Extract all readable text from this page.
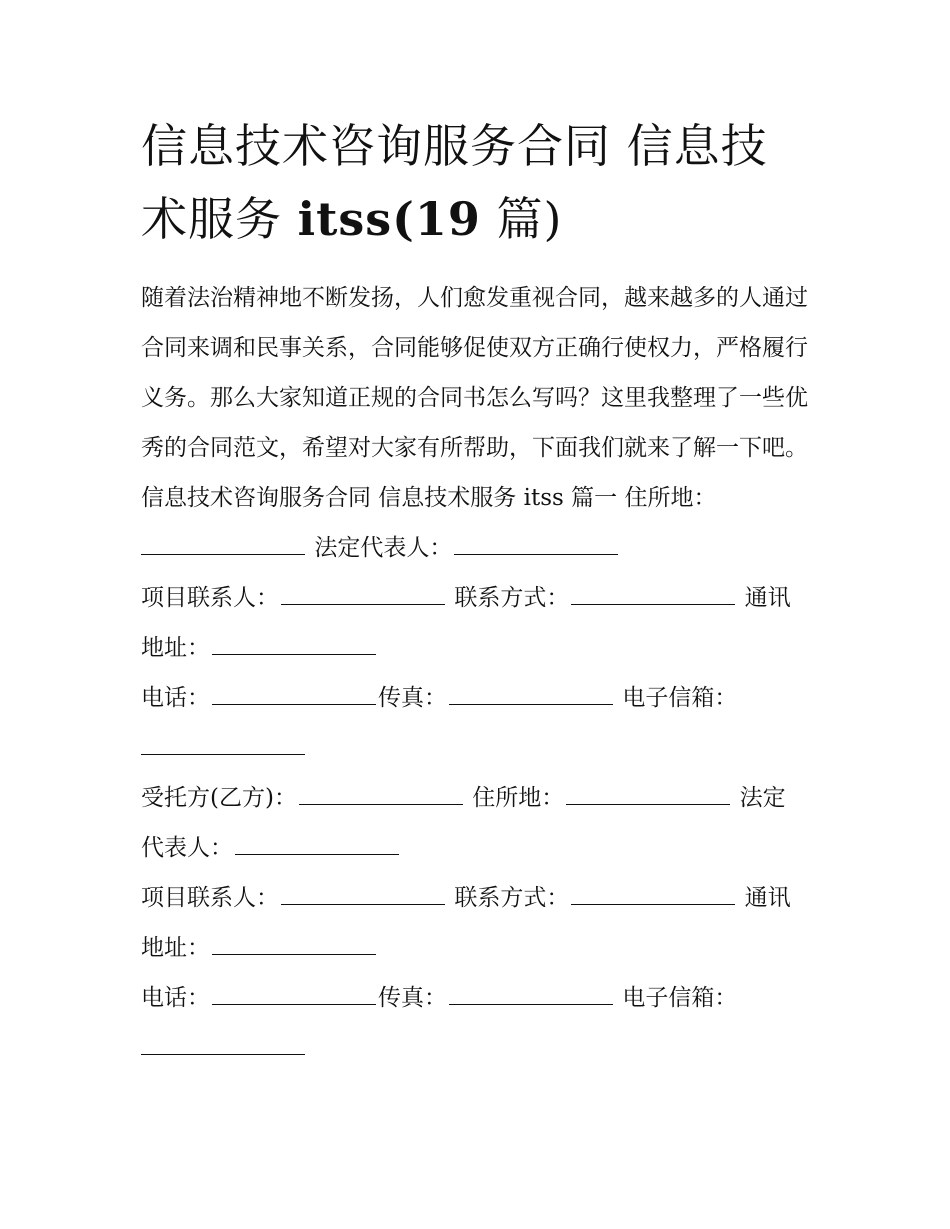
信息技术咨询服务合同 信息技
术服务 itss(19 篇)
随着法治精神地不断发扬，人们愈发重视合同，越来越多的人通过合同来调和民事关系，合同能够促使双方正确行使权力，严格履行义务。那么大家知道正规的合同书怎么写吗？这里我整理了一些优秀的合同范文，希望对大家有所帮助，下面我们就来了解一下吧。
信息技术咨询服务合同 信息技术服务 itss 篇一 住所地：
法定代表人：
项目联系人：	联系方式：	通讯
地址：
电话：	传真：	电子信箱：
受托方(乙方)：	住所地：	法定
代表人：
项目联系人：	联系方式：	通讯
地址：
电话：	传真：	电子信箱：
